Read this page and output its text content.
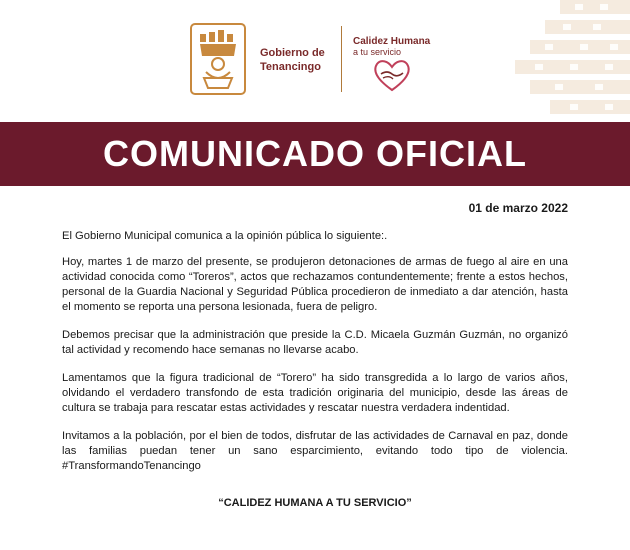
Gobierno de
Tenancingo
Calidez Humana
a tu servicio
COMUNICADO OFICIAL
01 de marzo 2022

El Gobierno Municipal comunica a la opinión pública lo siguiente:.

Hoy, martes 1 de marzo del presente, se produjeron detonaciones de armas de fuego al aire en una actividad conocida como “Toreros”, actos que rechazamos contundentemente; frente a estos hechos, personal de la Guardia Nacional y Seguridad Pública procedieron de inmediato a dar atención, hasta el momento se reporta una persona lesionada, fuera de peligro.

Debemos precisar que la administración que preside la C.D. Micaela Guzmán Guzmán, no organizó tal actividad y recomendo hace semanas no llevarse acabo.

Lamentamos que la figura tradicional de “Torero” ha sido transgredida a lo largo de varios años, olvidando el verdadero transfondo de esta tradición originaria del municipio, desde las áreas de cultura se trabaja para rescatar estas actividades y rescatar nuestra verdadera indentidad.

Invitamos a la población, por el bien de todos, disfrutar de las actividades de Carnaval en paz, donde las familias puedan tener un sano esparcimiento, evitando todo tipo de violencia. #TransformandoTenancingo

“CALIDEZ HUMANA A TU SERVICIO”
